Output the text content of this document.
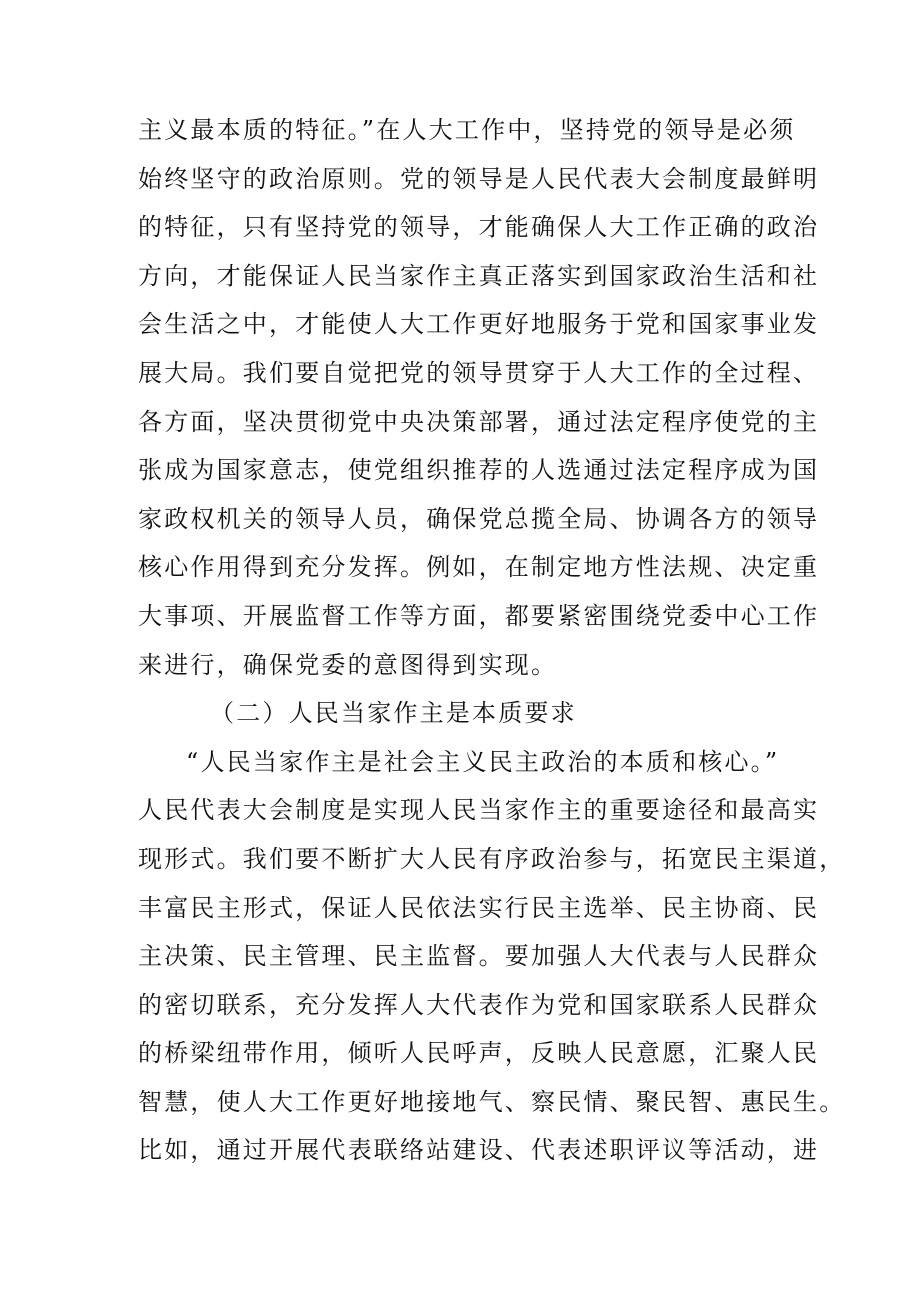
主义最本质的特征。”在人大工作中，坚持党的领导是必须
始终坚守的政治原则。党的领导是人民代表大会制度最鲜明
的特征，只有坚持党的领导，才能确保人大工作正确的政治
方向，才能保证人民当家作主真正落实到国家政治生活和社
会生活之中，才能使人大工作更好地服务于党和国家事业发
展大局。我们要自觉把党的领导贯穿于人大工作的全过程、
各方面，坚决贯彻党中央决策部署，通过法定程序使党的主
张成为国家意志，使党组织推荐的人选通过法定程序成为国
家政权机关的领导人员，确保党总揽全局、协调各方的领导
核心作用得到充分发挥。例如，在制定地方性法规、决定重
大事项、开展监督工作等方面，都要紧密围绕党委中心工作
来进行，确保党委的意图得到实现。
（二）人民当家作主是本质要求
“人民当家作主是社会主义民主政治的本质和核心。”
人民代表大会制度是实现人民当家作主的重要途径和最高实
现形式。我们要不断扩大人民有序政治参与，拓宽民主渠道，
丰富民主形式，保证人民依法实行民主选举、民主协商、民
主决策、民主管理、民主监督。要加强人大代表与人民群众
的密切联系，充分发挥人大代表作为党和国家联系人民群众
的桥梁纽带作用，倾听人民呼声，反映人民意愿，汇聚人民
智慧，使人大工作更好地接地气、察民情、聚民智、惠民生。
比如，通过开展代表联络站建设、代表述职评议等活动，进
